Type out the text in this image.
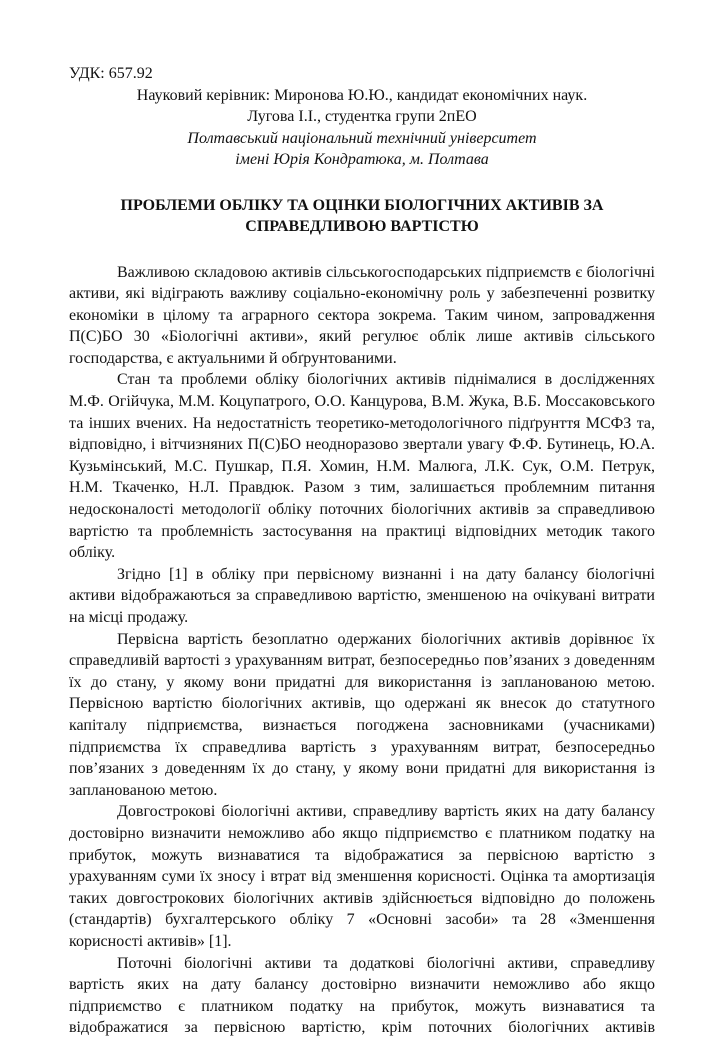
УДК: 657.92

Науковий керівник: Миронова Ю.Ю., кандидат економічних наук.

Лугова І.І., студентка групи 2пЕО

Полтавський національний технічний університет

імені Юрія Кондратюка, м. Полтава

ПРОБЛЕМИ ОБЛІКУ ТА ОЦІНКИ БІОЛОГІЧНИХ АКТИВІВ ЗА
СПРАВЕДЛИВОЮ ВАРТІСТЮ

Важливою складовою активів сільськогосподарських підприємств є біологічні активи, які відіграють важливу соціально-економічну роль у забезпеченні розвитку економіки в цілому та аграрного сектора зокрема. Таким чином, запровадження П(С)БО 30 «Біологічні активи», який регулює облік лише активів сільського господарства, є актуальними й обґрунтованими.

Стан та проблеми обліку біологічних активів піднімалися в дослідженнях М.Ф. Огійчука, М.М. Коцупатрого, О.О. Канцурова, В.М. Жука, В.Б. Моссаковського та інших вчених. На недостатність теоретико-методологічного підґрунття МСФЗ та, відповідно, і вітчизняних П(С)БО неодноразово звертали увагу Ф.Ф. Бутинець, Ю.А. Кузьмінський, М.С. Пушкар, П.Я. Хомин, Н.М. Малюга, Л.К. Сук, О.М. Петрук, Н.М. Ткаченко, Н.Л. Правдюк. Разом з тим, залишається проблемним питання недосконалості методології обліку поточних біологічних активів за справедливою вартістю та проблемність застосування на практиці відповідних методик такого обліку.

Згідно [1] в обліку при первісному визнанні і на дату балансу біологічні активи відображаються за справедливою вартістю, зменшеною на очікувані витрати на місці продажу.

Первісна вартість безоплатно одержаних біологічних активів дорівнює їх справедливій вартості з урахуванням витрат, безпосередньо пов’язаних з доведенням їх до стану, у якому вони придатні для використання із запланованою метою. Первісною вартістю біологічних активів, що одержані як внесок до статутного капіталу підприємства, визнається погоджена засновниками (учасниками) підприємства їх справедлива вартість з урахуванням витрат, безпосередньо пов’язаних з доведенням їх до стану, у якому вони придатні для використання із запланованою метою.

Довгострокові біологічні активи, справедливу вартість яких на дату балансу достовірно визначити неможливо або якщо підприємство є платником податку на прибуток, можуть визнаватися та відображатися за первісною вартістю з урахуванням суми їх зносу і втрат від зменшення корисності. Оцінка та амортизація таких довгострокових біологічних активів здійснюється відповідно до положень (стандартів) бухгалтерського обліку 7 «Основні засоби» та 28 «Зменшення корисності активів» [1].

Поточні біологічні активи та додаткові біологічні активи, справедливу вартість яких на дату балансу достовірно визначити неможливо або якщо підприємство є платником податку на прибуток, можуть визнаватися та відображатися за первісною вартістю, крім поточних біологічних активів
